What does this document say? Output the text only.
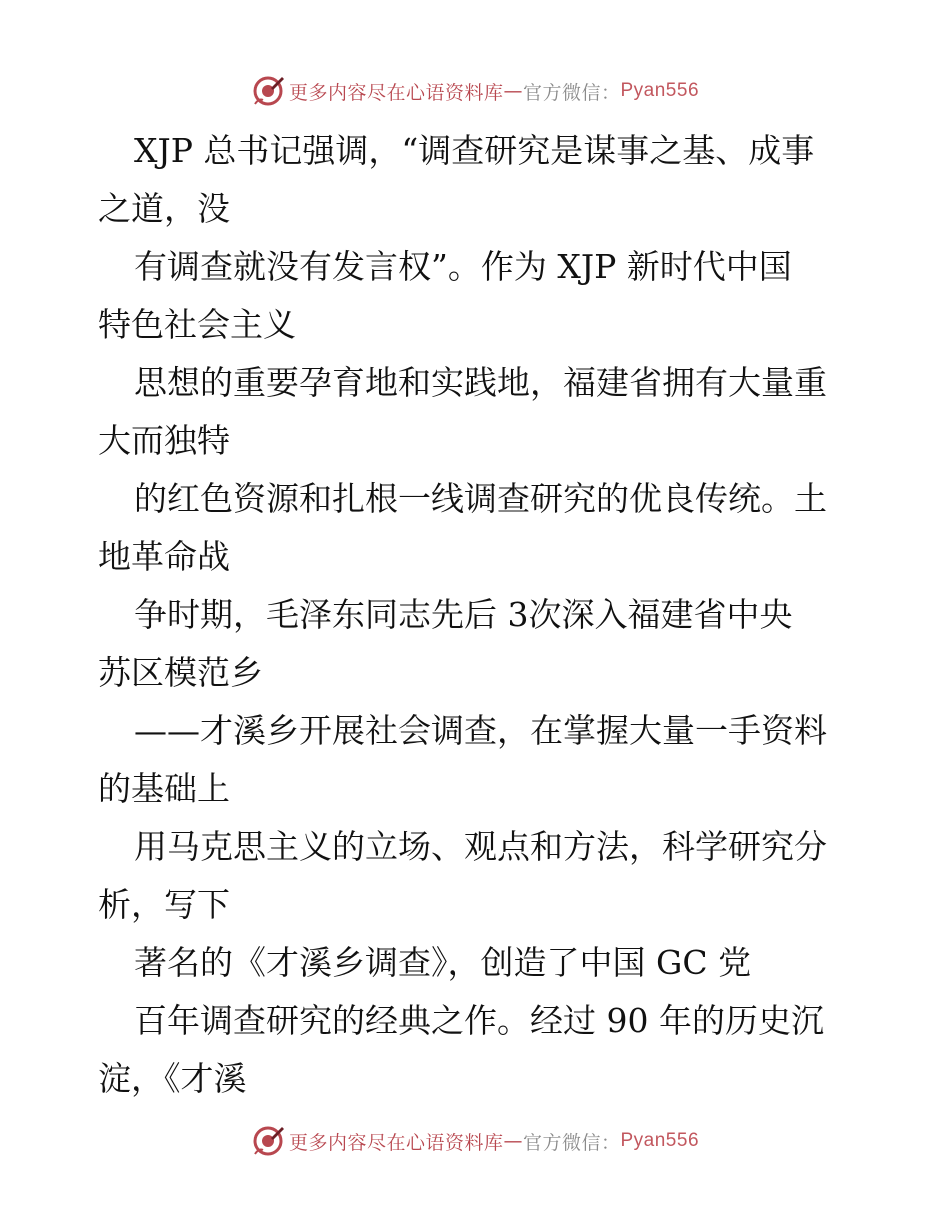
更多内容尽在心语资料库 — 官方微信： Pyan556
XJP 总书记强调，“调查研究是谋事之基、成事
之道，没
有调查就没有发言权”。作为 XJP 新时代中国
特色社会主义
思想的重要孕育地和实践地，福建省拥有大量重
大而独特
的红色资源和扎根一线调查研究的优良传统。土
地革命战
争时期，毛泽东同志先后 3次深入福建省中央
苏区模范乡
——才溪乡开展社会调查，在掌握大量一手资料
的基础上
用马克思主义的立场、观点和方法，科学研究分
析，写下
著名的《才溪乡调查》，创造了中国 GC 党
百年调查研究的经典之作。经过 90 年的历史沉
淀，《才溪
更多内容尽在心语资料库 — 官方微信： Pyan556
